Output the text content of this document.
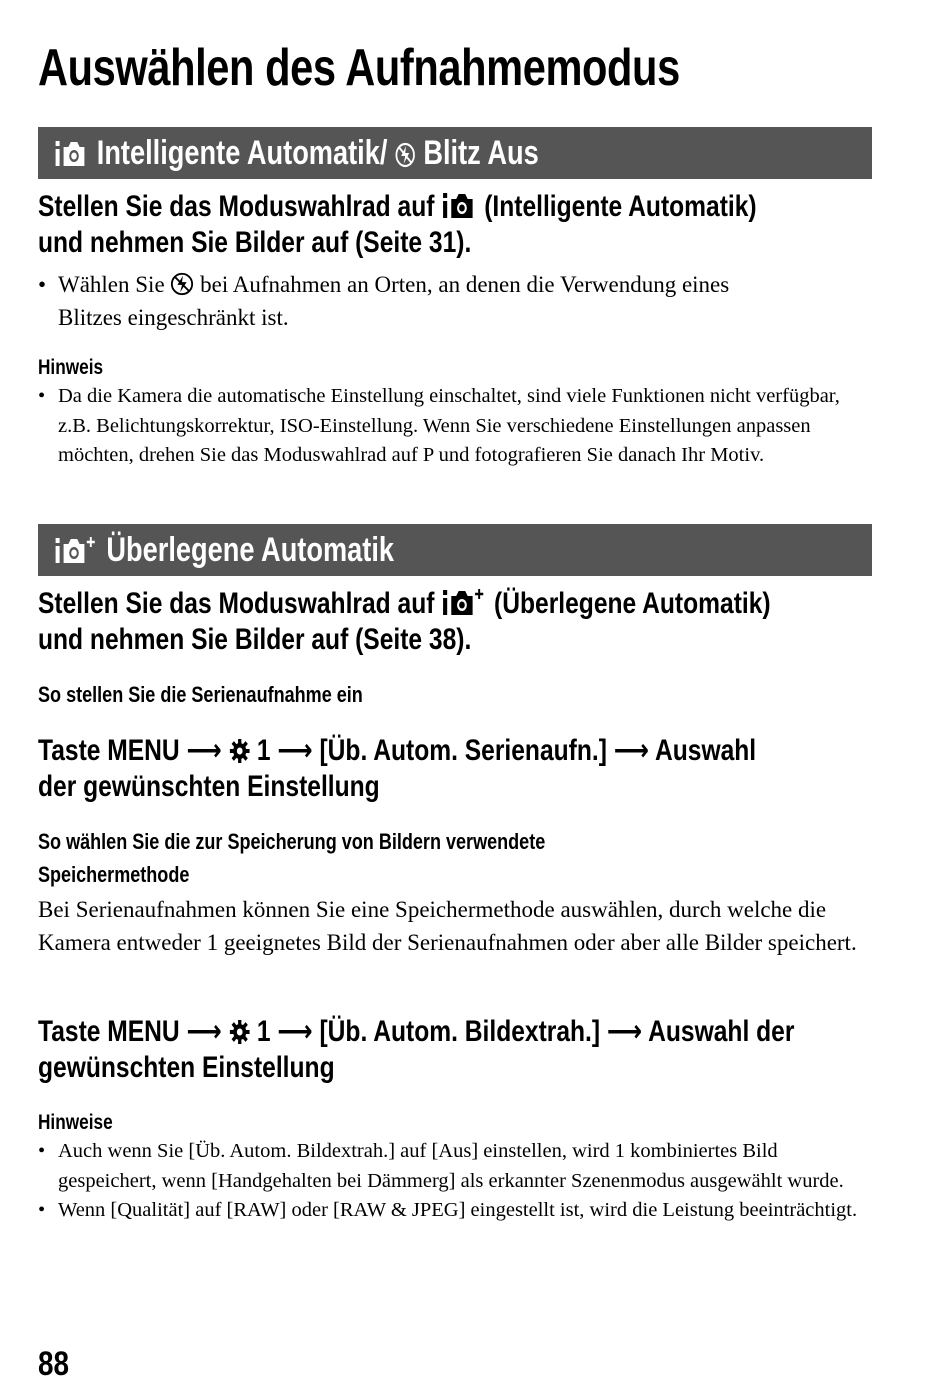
Auswählen des Aufnahmemodus
Intelligente Automatik/ Blitz Aus
Stellen Sie das Moduswahlrad auf (Intelligente Automatik)
und nehmen Sie Bilder auf (Seite 31).
• Wählen Sie bei Aufnahmen an Orten, an denen die Verwendung eines
Blitzes eingeschränkt ist.
Hinweis
• Da die Kamera die automatische Einstellung einschaltet, sind viele Funktionen nicht verfügbar, z.B. Belichtungskorrektur, ISO-Einstellung. Wenn Sie verschiedene Einstellungen anpassen möchten, drehen Sie das Moduswahlrad auf P und fotografieren Sie danach Ihr Motiv.
Überlegene Automatik
Stellen Sie das Moduswahlrad auf (Überlegene Automatik)
und nehmen Sie Bilder auf (Seite 38).
So stellen Sie die Serienaufnahme ein
Taste MENU ⟶ 1 ⟶ [Üb. Autom. Serienaufn.] ⟶ Auswahl
der gewünschten Einstellung
So wählen Sie die zur Speicherung von Bildern verwendete
Speichermethode
Bei Serienaufnahmen können Sie eine Speichermethode auswählen, durch welche die Kamera entweder 1 geeignetes Bild der Serienaufnahmen oder aber alle Bilder speichert.
Taste MENU ⟶ 1 ⟶ [Üb. Autom. Bildextrah.] ⟶ Auswahl der
gewünschten Einstellung
Hinweise
• Auch wenn Sie [Üb. Autom. Bildextrah.] auf [Aus] einstellen, wird 1 kombiniertes Bild gespeichert, wenn [Handgehalten bei Dämmerg] als erkannter Szenenmodus ausgewählt wurde.
• Wenn [Qualität] auf [RAW] oder [RAW & JPEG] eingestellt ist, wird die Leistung beeinträchtigt.
88
